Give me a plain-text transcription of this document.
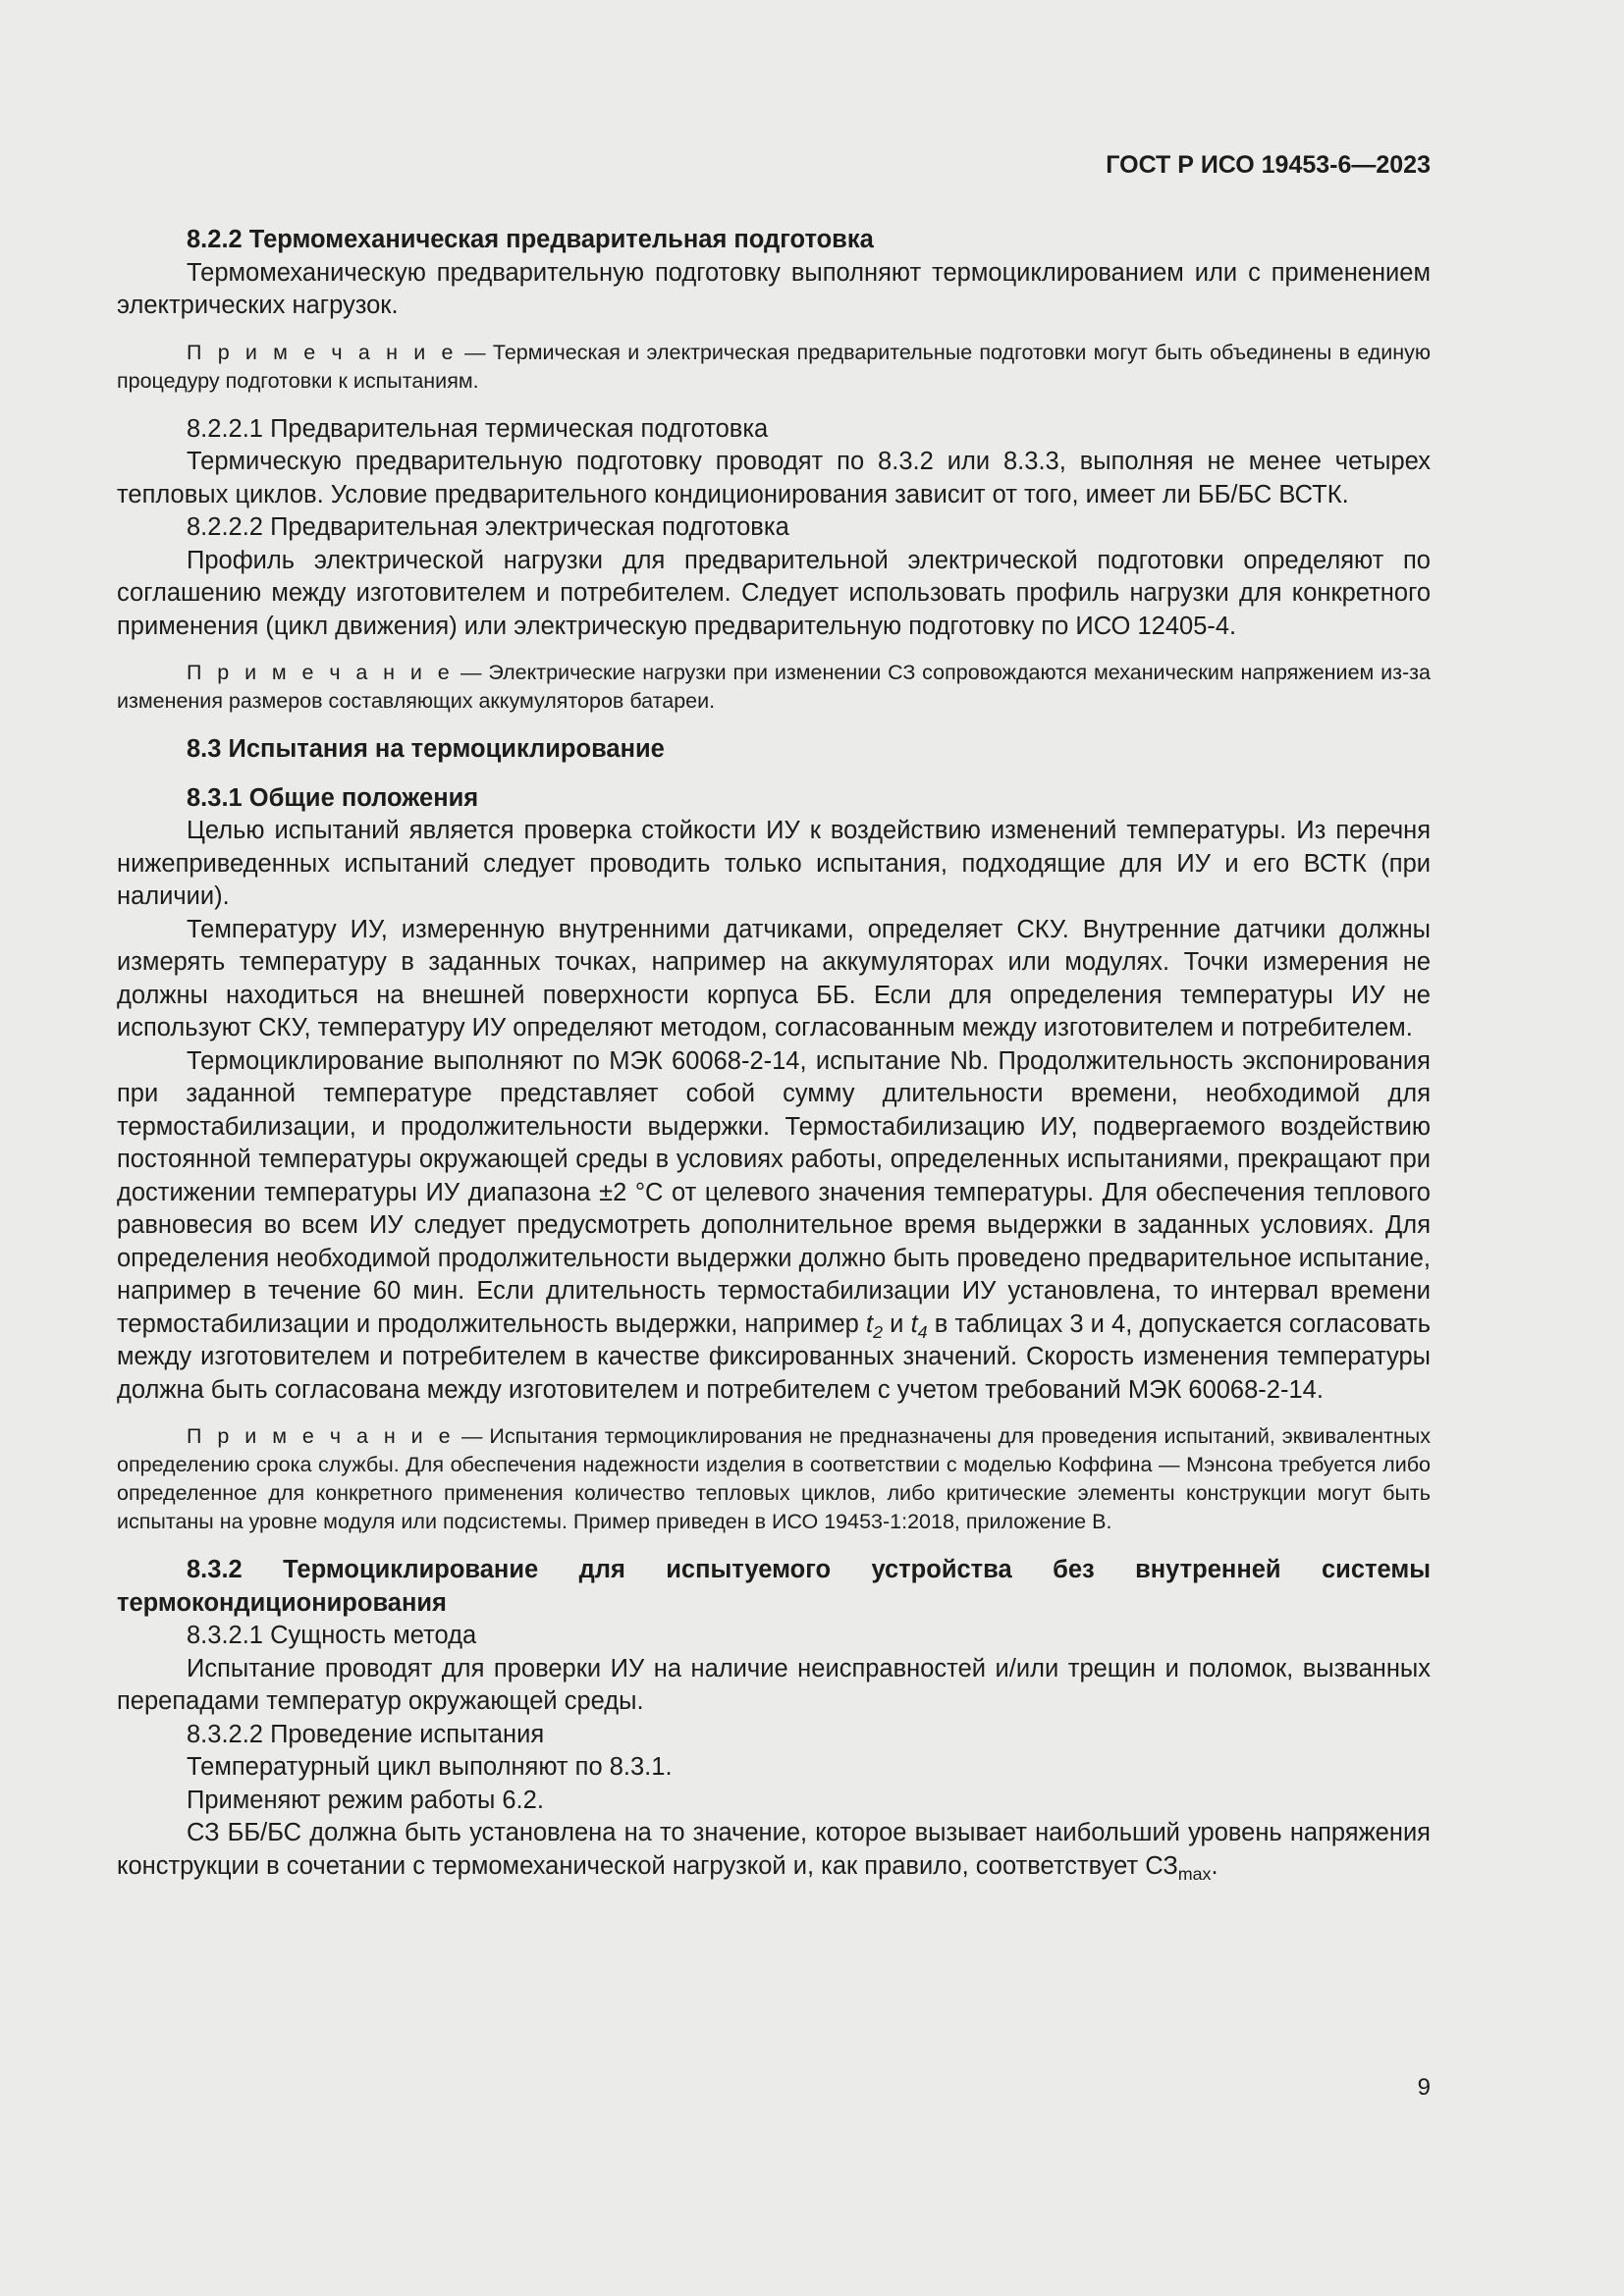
ГОСТ Р ИСО 19453-6—2023

8.2.2 Термомеханическая предварительная подготовка

Термомеханическую предварительную подготовку выполняют термоциклированием или с применением электрических нагрузок.

П р и м е ч а н и е — Термическая и электрическая предварительные подготовки могут быть объединены в единую процедуру подготовки к испытаниям.

8.2.2.1 Предварительная термическая подготовка

Термическую предварительную подготовку проводят по 8.3.2 или 8.3.3, выполняя не менее четырех тепловых циклов. Условие предварительного кондиционирования зависит от того, имеет ли ББ/БС ВСТК.

8.2.2.2 Предварительная электрическая подготовка

Профиль электрической нагрузки для предварительной электрической подготовки определяют по соглашению между изготовителем и потребителем. Следует использовать профиль нагрузки для конкретного применения (цикл движения) или электрическую предварительную подготовку по ИСО 12405-4.

П р и м е ч а н и е — Электрические нагрузки при изменении СЗ сопровождаются механическим напряжением из-за изменения размеров составляющих аккумуляторов батареи.

8.3 Испытания на термоциклирование

8.3.1 Общие положения

Целью испытаний является проверка стойкости ИУ к воздействию изменений температуры. Из перечня нижеприведенных испытаний следует проводить только испытания, подходящие для ИУ и его ВСТК (при наличии).

Температуру ИУ, измеренную внутренними датчиками, определяет СКУ. Внутренние датчики должны измерять температуру в заданных точках, например на аккумуляторах или модулях. Точки измерения не должны находиться на внешней поверхности корпуса ББ. Если для определения температуры ИУ не используют СКУ, температуру ИУ определяют методом, согласованным между изготовителем и потребителем.

Термоциклирование выполняют по МЭК 60068-2-14, испытание Nb. Продолжительность экспонирования при заданной температуре представляет собой сумму длительности времени, необходимой для термостабилизации, и продолжительности выдержки. Термостабилизацию ИУ, подвергаемого воздействию постоянной температуры окружающей среды в условиях работы, определенных испытаниями, прекращают при достижении температуры ИУ диапазона ±2 °С от целевого значения температуры. Для обеспечения теплового равновесия во всем ИУ следует предусмотреть дополнительное время выдержки в заданных условиях. Для определения необходимой продолжительности выдержки должно быть проведено предварительное испытание, например в течение 60 мин. Если длительность термостабилизации ИУ установлена, то интервал времени термостабилизации и продолжительность выдержки, например $t_2$ и $t_4$ в таблицах 3 и 4, допускается согласовать между изготовителем и потребителем в качестве фиксированных значений. Скорость изменения температуры должна быть согласована между изготовителем и потребителем с учетом требований МЭК 60068-2-14.

П р и м е ч а н и е — Испытания термоциклирования не предназначены для проведения испытаний, эквивалентных определению срока службы. Для обеспечения надежности изделия в соответствии с моделью Коффина — Мэнсона требуется либо определенное для конкретного применения количество тепловых циклов, либо критические элементы конструкции могут быть испытаны на уровне модуля или подсистемы. Пример приведен в ИСО 19453-1:2018, приложение В.

8.3.2 Термоциклирование для испытуемого устройства без внутренней системы термокондиционирования

8.3.2.1 Сущность метода

Испытание проводят для проверки ИУ на наличие неисправностей и/или трещин и поломок, вызванных перепадами температур окружающей среды.

8.3.2.2 Проведение испытания

Температурный цикл выполняют по 8.3.1.

Применяют режим работы 6.2.

СЗ ББ/БС должна быть установлена на то значение, которое вызывает наибольший уровень напряжения конструкции в сочетании с термомеханической нагрузкой и, как правило, соответствует $СЗ_{max}$.

9
